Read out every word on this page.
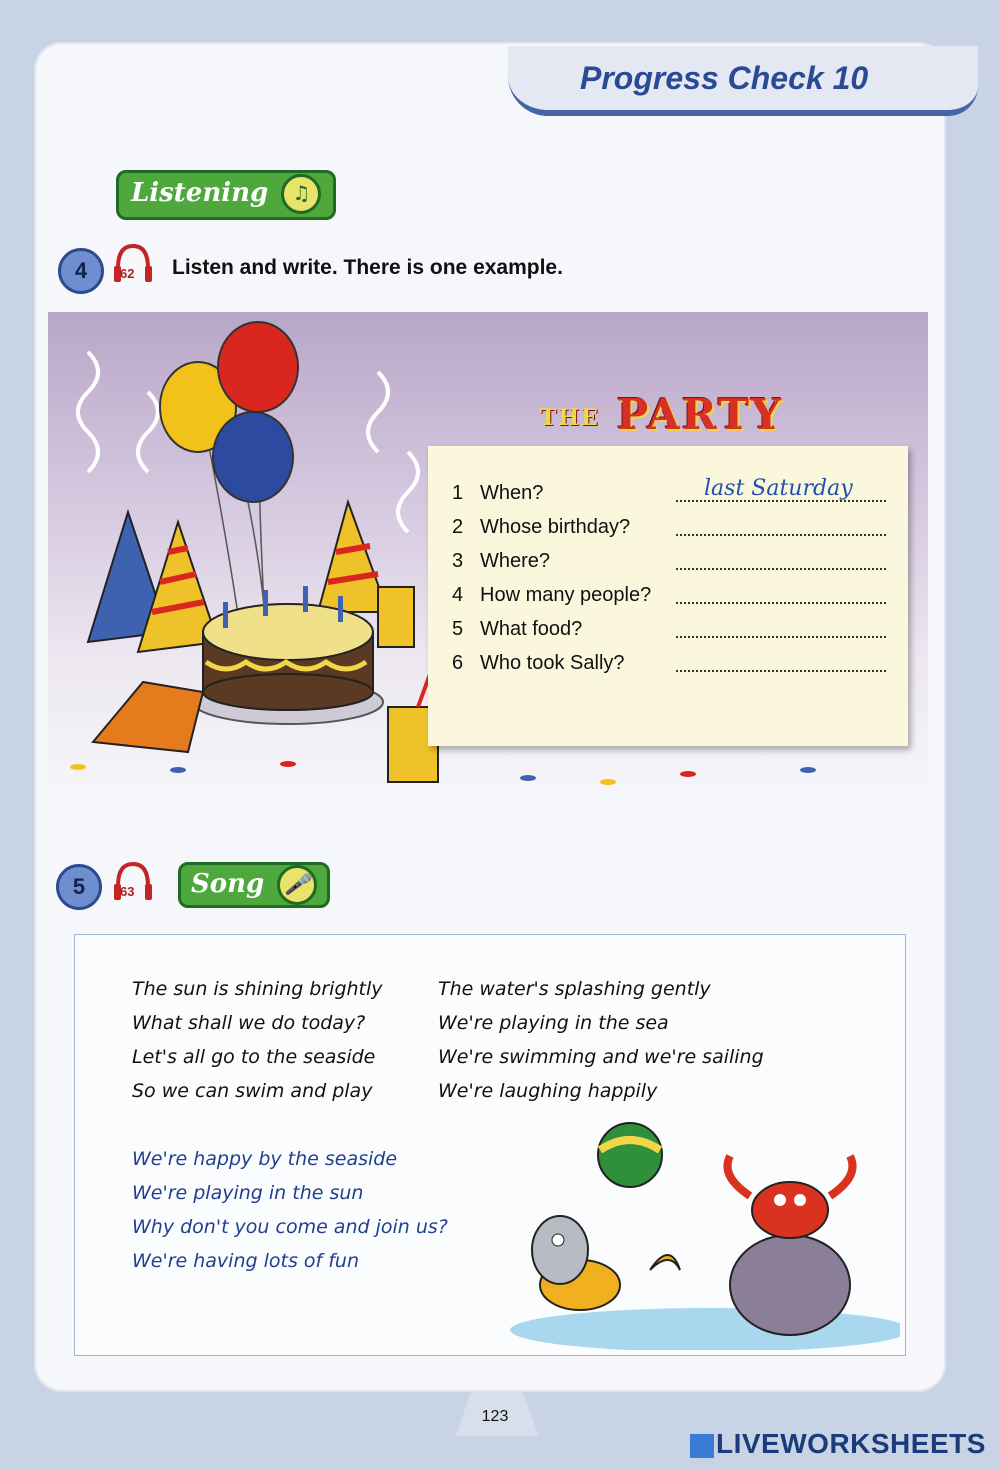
Progress Check 10
Listening ♫
4	62 Listen and write. There is one example.
THE PARTY
1 When?	last Saturday
2 Whose birthday?
3 Where?
4 How many people?
5 What food?
6 Who took Sally?
5	63	Song 🎤
The sun is shining brightly
What shall we do today?
Let's all go to the seaside
So we can swim and play
The water's splashing gently
We're playing in the sea
We're swimming and we're sailing
We're laughing happily
We're happy by the seaside
We're playing in the sun
Why don't you come and join us?
We're having lots of fun
123
LIVEWORKSHEETS
